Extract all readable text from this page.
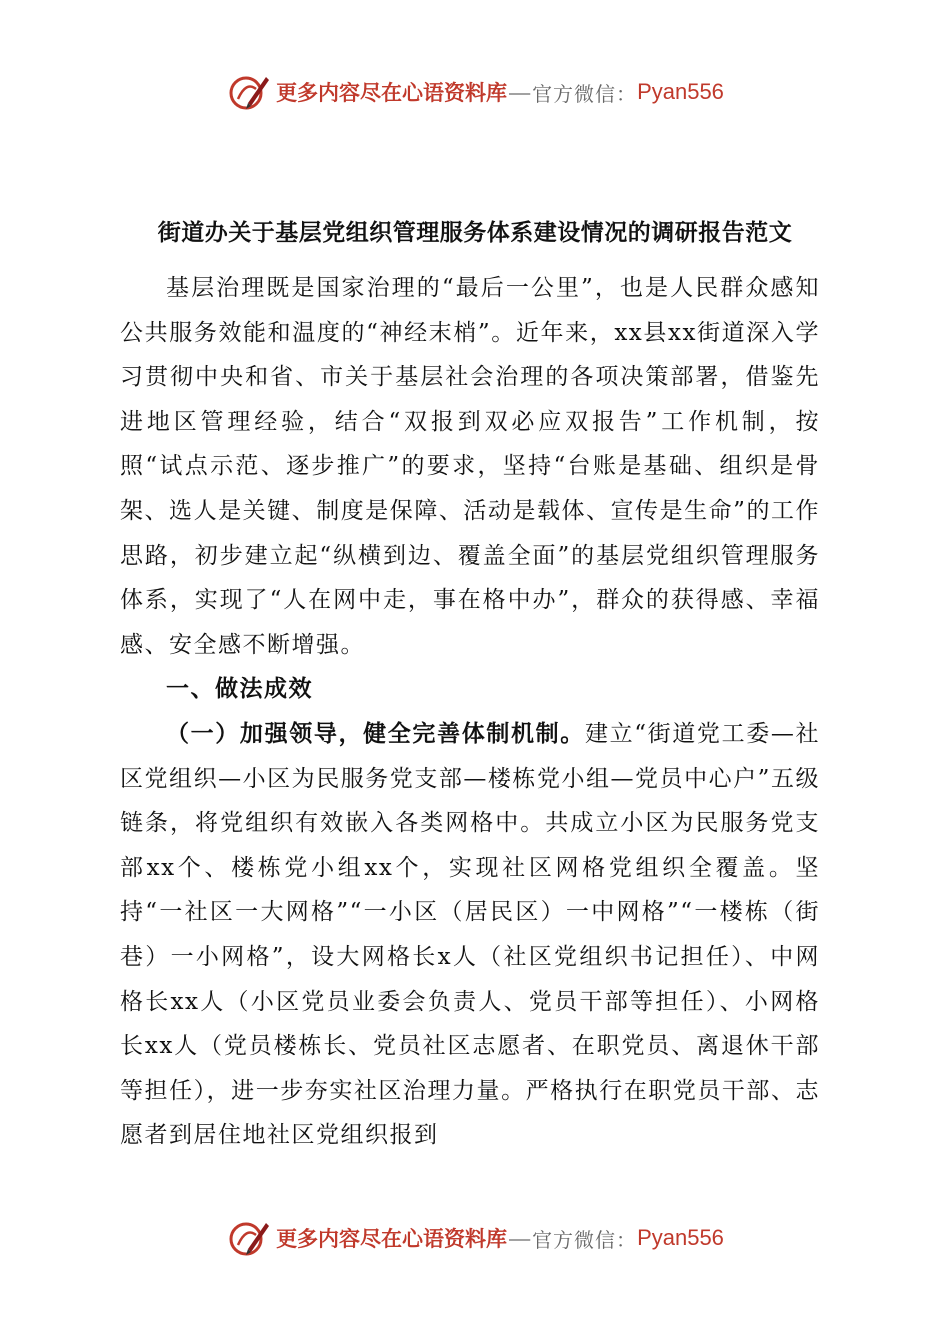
更多内容尽在心语资料库 — 官方微信： Pyan556
街道办关于基层党组织管理服务体系建设情况的调研报告范文

基层治理既是国家治理的“最后一公里”，也是人民群众感知公共服务效能和温度的“神经末梢”。近年来，xx县xx街道深入学习贯彻中央和省、市关于基层社会治理的各项决策部署，借鉴先进地区管理经验，结合“双报到双必应双报告”工作机制，按照“试点示范、逐步推广”的要求，坚持“台账是基础、组织是骨架、选人是关键、制度是保障、活动是载体、宣传是生命”的工作思路，初步建立起“纵横到边、覆盖全面”的基层党组织管理服务体系，实现了“人在网中走，事在格中办”，群众的获得感、幸福感、安全感不断增强。

一、做法成效

（一）加强领导，健全完善体制机制。建立“街道党工委—社区党组织—小区为民服务党支部—楼栋党小组—党员中心户”五级链条，将党组织有效嵌入各类网格中。共成立小区为民服务党支部xx个、楼栋党小组xx个，实现社区网格党组织全覆盖。坚持“一社区一大网格”“一小区（居民区）一中网格”“一楼栋（街巷）一小网格”，设大网格长x人（社区党组织书记担任）、中网格长xx人（小区党员业委会负责人、党员干部等担任）、小网格长xx人（党员楼栋长、党员社区志愿者、在职党员、离退休干部等担任），进一步夯实社区治理力量。严格执行在职党员干部、志愿者到居住地社区党组织报到

更多内容尽在心语资料库 — 官方微信： Pyan556
